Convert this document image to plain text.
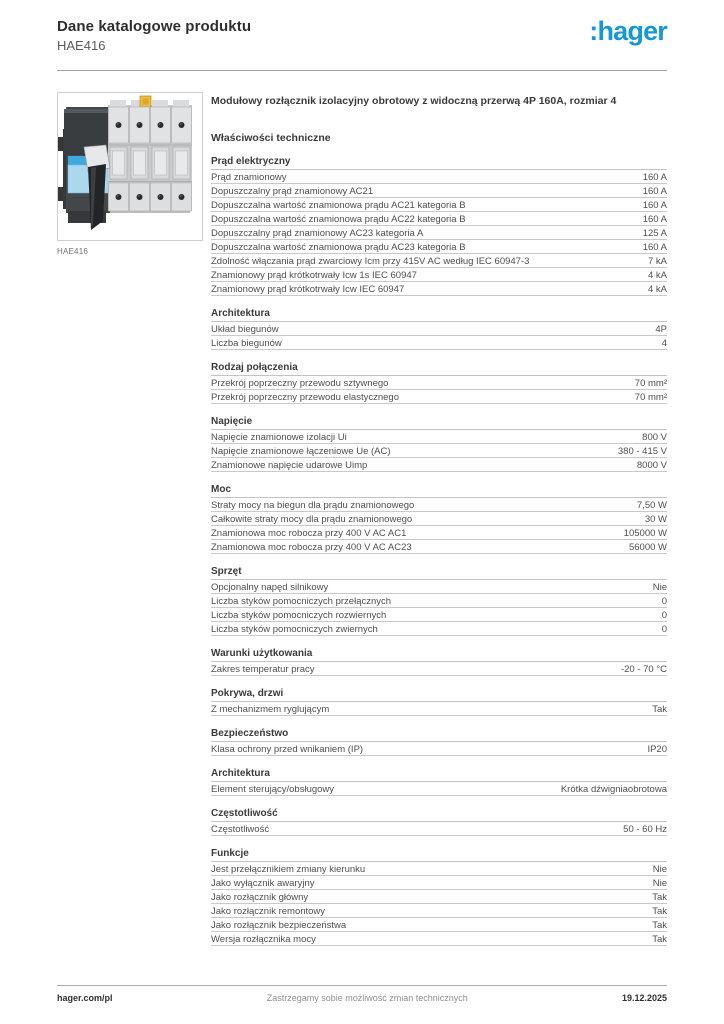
Dane katalogowe produktu
HAE416	:hager
HAE416
Modułowy rozłącznik izolacyjny obrotowy z widoczną przerwą 4P 160A, rozmiar 4
Właściwości techniczne
Prąd elektryczny
Prąd znamionowy	160 A
Dopuszczalny prąd znamionowy AC21	160 A
Dopuszczalna wartość znamionowa prądu AC21 kategoria B	160 A
Dopuszczalna wartość znamionowa prądu AC22 kategoria B	160 A
Dopuszczalny prąd znamionowy AC23 kategoria A	125 A
Dopuszczalna wartość znamionowa prądu AC23 kategoria B	160 A
Zdolność włączania prąd zwarciowy Icm przy 415V AC według IEC 60947-3	7 kA
Znamionowy prąd krótkotrwały Icw 1s IEC 60947	4 kA
Znamionowy prąd krótkotrwały Icw IEC 60947	4 kA
Architektura
Układ biegunów	4P
Liczba biegunów	4
Rodzaj połączenia
Przekrój poprzeczny przewodu sztywnego	70 mm²
Przekrój poprzeczny przewodu elastycznego	70 mm²
Napięcie
Napięcie znamionowe izolacji Ui	800 V
Napięcie znamionowe łączeniowe Ue (AC)	380 - 415 V
Znamionowe napięcie udarowe Uimp	8000 V
Moc
Straty mocy na biegun dla prądu znamionowego	7,50 W
Całkowite straty mocy dla prądu znamionowego	30 W
Znamionowa moc robocza przy 400 V AC AC1	105000 W
Znamionowa moc robocza przy 400 V AC AC23	56000 W
Sprzęt
Opcjonalny napęd silnikowy	Nie
Liczba styków pomocniczych przełącznych	0
Liczba styków pomocniczych rozwiernych	0
Liczba styków pomocniczych zwiernych	0
Warunki użytkowania
Zakres temperatur pracy	-20 - 70 °C
Pokrywa, drzwi
Z mechanizmem ryglującym	Tak
Bezpieczeństwo
Klasa ochrony przed wnikaniem (IP)	IP20
Architektura
Element sterujący/obsługowy	Krótka dźwigniaobrotowa
Częstotliwość
Częstotliwość	50 - 60 Hz
Funkcje
Jest przełącznikiem zmiany kierunku	Nie
Jako wyłącznik awaryjny	Nie
Jako rozłącznik główny	Tak
Jako rozłącznik remontowy	Tak
Jako rozłącznik bezpieczeństwa	Tak
Wersja rozłącznika mocy	Tak
hager.com/pl	Zastrzegamy sobie możliwość zmian technicznych	19.12.2025
